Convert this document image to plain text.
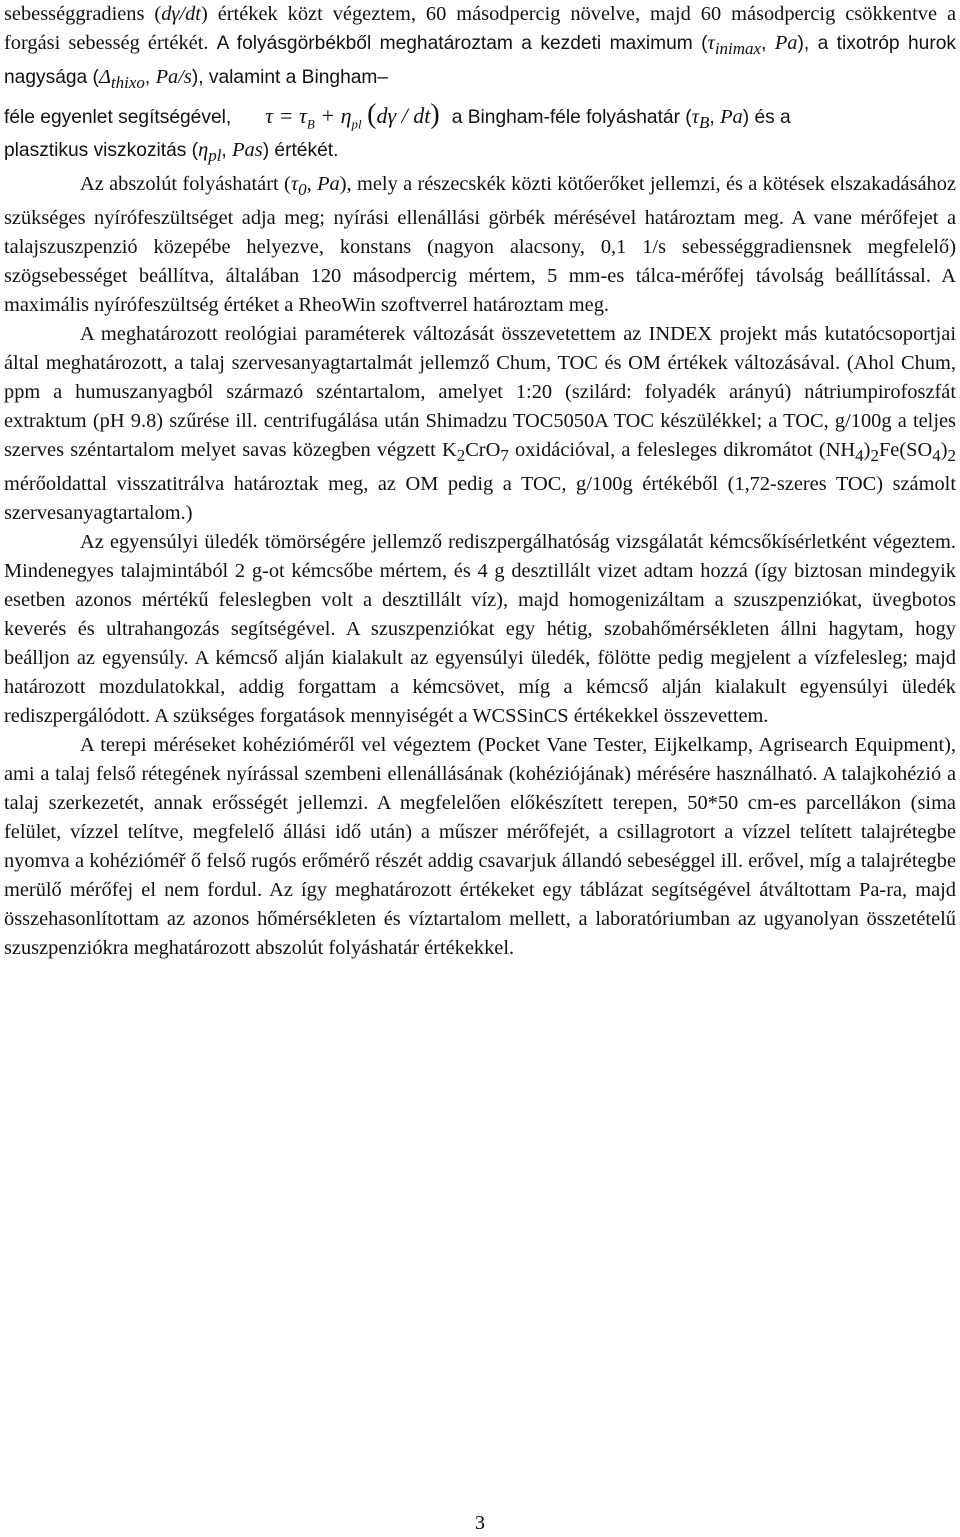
sebességgradiens (dγ/dt) értékek közt végeztem, 60 másodpercig növelve, majd 60 másodpercig csökkentve a forgási sebesség értékét. A folyásgörbékből meghatároztam a kezdeti maximum ($\tau_{inimax}$, Pa), a tixotróp hurok nagysága ($\Delta_{thixo}$, Pa/s), valamint a Bingham–

féle egyenlet segítségével, $\tau = \tau_B + \eta_{pl}$ (dγ / dt) a Bingham-féle folyáshatár ($\tau_B$, Pa) és a

plasztikus viszkozitás ($\eta_{pl}$, Pas) értékét.

Az abszolút folyáshatárt ($\tau_0$, Pa), mely a részecskék közti kötőerőket jellemzi, és a kötések elszakadásához szükséges nyírófeszültséget adja meg; nyírási ellenállási görbék mérésével határoztam meg. A vane mérőfejet a talajszuszpenzió közepébe helyezve, konstans (nagyon alacsony, 0,1 1/s sebességgradiensnek megfelelő) szögsebességet beállítva, általában 120 másodpercig mértem, 5 mm-es tálca-mérőfej távolság beállítással. A maximális nyírófeszültség értéket a RheoWin szoftverrel határoztam meg.

A meghatározott reológiai paraméterek változását összevetettem az INDEX projekt más kutatócsoportjai által meghatározott, a talaj szervesanyagtartalmát jellemző Chum, TOC és OM értékek változásával. (Ahol Chum, ppm a humuszanyagból származó széntartalom, amelyet 1:20 (szilárd: folyadék arányú) nátriumpirofoszfát extraktum (pH 9.8) szűrése ill. centrifugálása után Shimadzu TOC5050A TOC készülékkel; a TOC, g/100g a teljes szerves széntartalom melyet savas közegben végzett $K_2CrO_7$ oxidációval, a felesleges dikromátot $(NH_4)_2Fe(SO_4)_2$ mérőoldattal visszatitrálva határoztak meg, az OM pedig a TOC, g/100g értékéből (1,72-szeres TOC) számolt szervesanyagtartalom.)

Az egyensúlyi üledék tömörségére jellemző rediszpergálhatóság vizsgálatát kémcsőkísérletként végeztem. Mindenegyes talajmintából 2 g-ot kémcsőbe mértem, és 4 g desztillált vizet adtam hozzá (így biztosan mindegyik esetben azonos mértékű feleslegben volt a desztillált víz), majd homogenizáltam a szuszpenziókat, üvegbotos keverés és ultrahangozás segítségével. A szuszpenziókat egy hétig, szobahőmérsékleten állni hagytam, hogy beálljon az egyensúly. A kémcső alján kialakult az egyensúlyi üledék, fölötte pedig megjelent a vízfelesleg; majd határozott mozdulatokkal, addig forgattam a kémcsövet, míg a kémcső alján kialakult egyensúlyi üledék rediszpergálódott. A szükséges forgatások mennyiségét a WCSSinCS értékekkel összevettem.

A terepi méréseket kohézióméről vel végeztem (Pocket Vane Tester, Eijkelkamp, Agrisearch Equipment), ami a talaj felső rétegének nyírással szembeni ellenállásának (kohéziójának) mérésére használható. A talajkohézió a talaj szerkezetét, annak erősségét jellemzi. A megfelelően előkészített terepen, 50*50 cm-es parcellákon (sima felület, vízzel telítve, megfelelő állási idő után) a műszer mérőfejét, a csillagrotort a vízzel telített talajrétegbe nyomva a kohézióméř ő felső rugós erőmérő részét addig csavarjuk állandó sebeséggel ill. erővel, míg a talajrétegbe merülő mérőfej el nem fordul. Az így meghatározott értékeket egy táblázat segítségével átváltottam Pa-ra, majd összehasonlítottam az azonos hőmérsékleten és víztartalom mellett, a laboratóriumban az ugyanolyan összetételű szuszpenziókra meghatározott abszolút folyáshatár értékekkel.

3
